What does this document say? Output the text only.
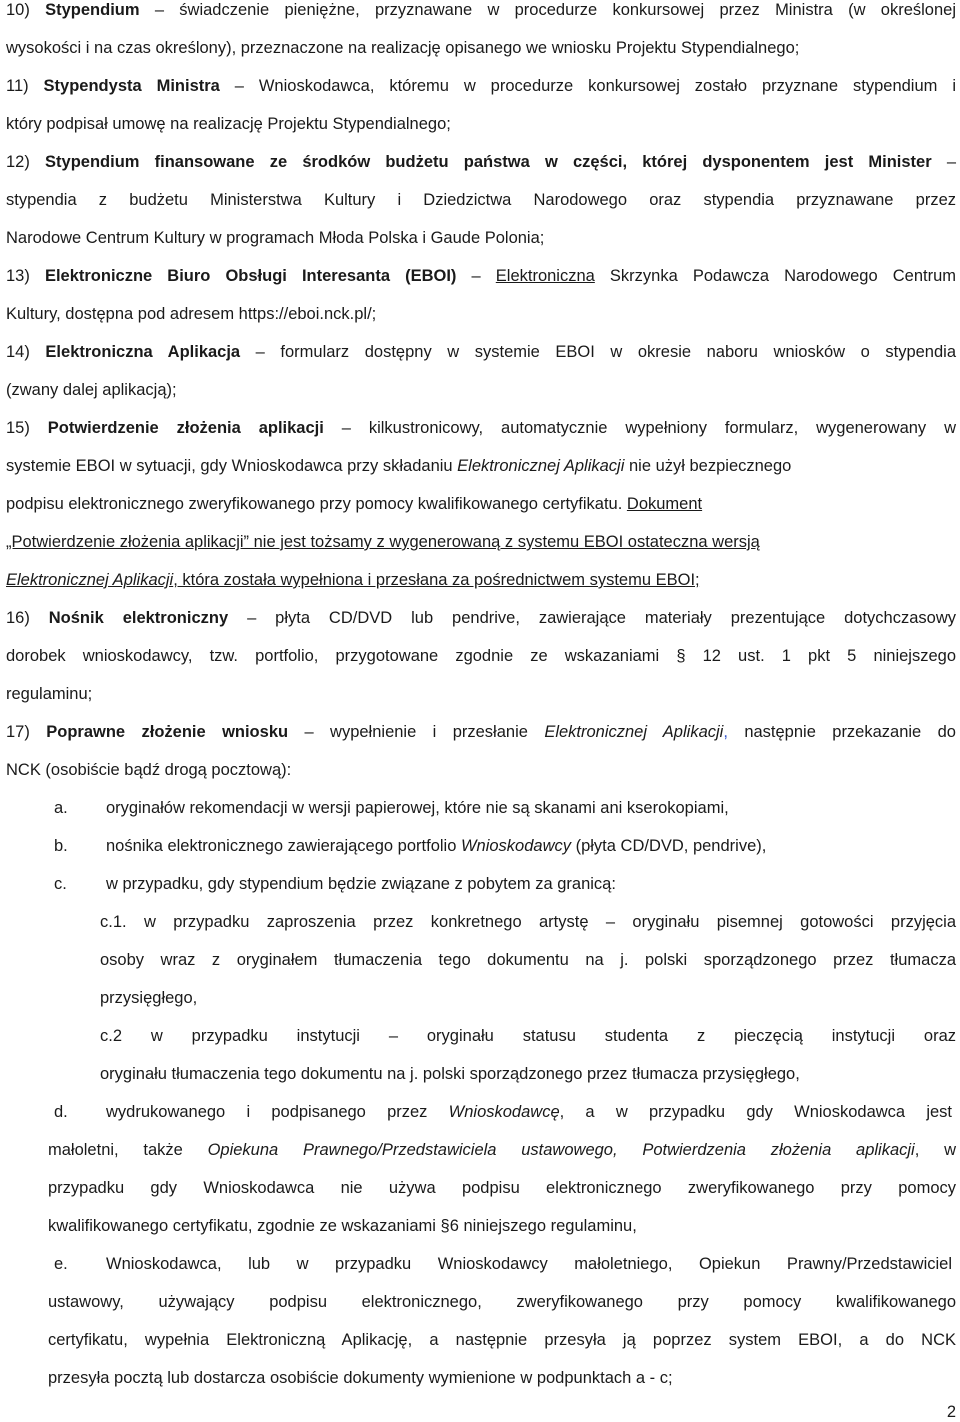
10) Stypendium – świadczenie pieniężne, przyznawane w procedurze konkursowej przez Ministra (w określonej
wysokości i na czas określony), przeznaczone na realizację opisanego we wniosku Projektu Stypendialnego;
11) Stypendysta Ministra – Wnioskodawca, któremu w procedurze konkursowej zostało przyznane stypendium i
który podpisał umowę na realizację Projektu Stypendialnego;
12) Stypendium finansowane ze środków budżetu państwa w części, której dysponentem jest Minister –
stypendia z budżetu Ministerstwa Kultury i Dziedzictwa Narodowego oraz stypendia przyznawane przez
Narodowe Centrum Kultury w programach Młoda Polska i Gaude Polonia;
13) Elektroniczne Biuro Obsługi Interesanta (EBOI) – Elektroniczna Skrzynka Podawcza Narodowego Centrum
Kultury, dostępna pod adresem https://eboi.nck.pl/;
14) Elektroniczna Aplikacja – formularz dostępny w systemie EBOI w okresie naboru wniosków o stypendia
(zwany dalej aplikacją);
15) Potwierdzenie złożenia aplikacji – kilkustronicowy, automatycznie wypełniony formularz, wygenerowany w
systemie EBOI w sytuacji, gdy Wnioskodawca przy składaniu Elektronicznej Aplikacji nie użył bezpiecznego
podpisu elektronicznego zweryfikowanego przy pomocy kwalifikowanego certyfikatu. Dokument
„Potwierdzenie złożenia aplikacji” nie jest tożsamy z wygenerowaną z systemu EBOI ostateczna wersją
Elektronicznej Aplikacji, która została wypełniona i przesłana za pośrednictwem systemu EBOI;
16) Nośnik elektroniczny – płyta CD/DVD lub pendrive, zawierające materiały prezentujące dotychczasowy
dorobek wnioskodawcy, tzw. portfolio, przygotowane zgodnie ze wskazaniami § 12 ust. 1 pkt 5 niniejszego
regulaminu;
17) Poprawne złożenie wniosku – wypełnienie i przesłanie Elektronicznej Aplikacji, następnie przekazanie do
NCK (osobiście bądź drogą pocztową):
a. oryginałów rekomendacji w wersji papierowej, które nie są skanami ani kserokopiami,
b. nośnika elektronicznego zawierającego portfolio Wnioskodawcy (płyta CD/DVD, pendrive),
c. w przypadku, gdy stypendium będzie związane z pobytem za granicą:
c.1. w przypadku zaproszenia przez konkretnego artystę – oryginału pisemnej gotowości przyjęcia
osoby wraz z oryginałem tłumaczenia tego dokumentu na j. polski sporządzonego przez tłumacza
przysięgłego,
c.2 w przypadku instytucji – oryginału statusu studenta z pieczęcią instytucji oraz
oryginału tłumaczenia tego dokumentu na j. polski sporządzonego przez tłumacza przysięgłego,
d. wydrukowanego i podpisanego przez Wnioskodawcę, a w przypadku gdy Wnioskodawca jest
małoletni, także Opiekuna Prawnego/Przedstawiciela ustawowego, Potwierdzenia złożenia aplikacji, w
przypadku gdy Wnioskodawca nie używa podpisu elektronicznego zweryfikowanego przy pomocy
kwalifikowanego certyfikatu, zgodnie ze wskazaniami §6 niniejszego regulaminu,
e. Wnioskodawca, lub w przypadku Wnioskodawcy małoletniego, Opiekun Prawny/Przedstawiciel
ustawowy, używający podpisu elektronicznego, zweryfikowanego przy pomocy kwalifikowanego
certyfikatu, wypełnia Elektroniczną Aplikację, a następnie przesyła ją poprzez system EBOI, a do NCK
przesyła pocztą lub dostarcza osobiście dokumenty wymienione w podpunktach a - c;
2
